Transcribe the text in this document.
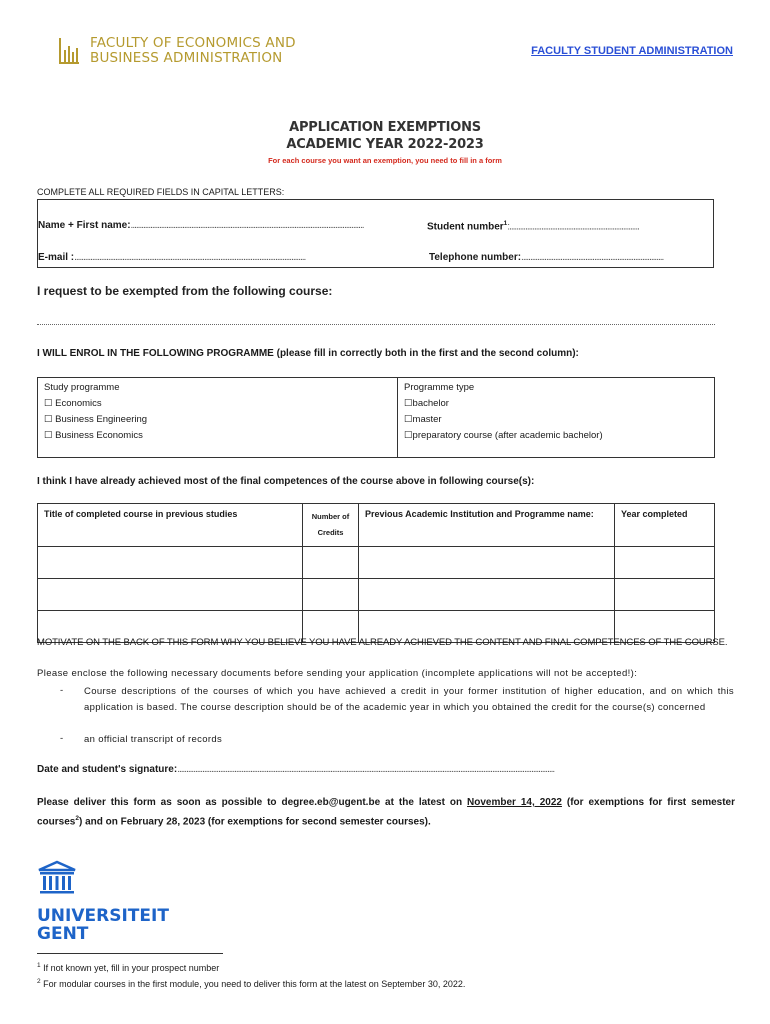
FACULTY OF ECONOMICS AND
BUSINESS ADMINISTRATION	FACULTY STUDENT ADMINISTRATION
APPLICATION EXEMPTIONS
ACADEMIC YEAR 2022-2023
For each course you want an exemption, you need to fill in a form
COMPLETE ALL REQUIRED FIELDS IN CAPITAL LETTERS:
Name + First name:...................................................................................................................................	Student number$^1$:.........................................................................
E-mail :..................................................................................................................................	Telephone number:................................................................................
I request to be exempted from the following course:
I WILL ENROL IN THE FOLLOWING PROGRAMME (please fill in correctly both in the first and the second column):
Study programme
☐ Economics
☐ Business Engineering
☐ Business Economics

Programme type
☐bachelor
☐master
☐preparatory course (after academic bachelor)
I think I have already achieved most of the final competences of the course above in following course(s):
Title of completed course in previous studies	Number of
Credits	Previous Academic Institution and Programme name:	Year completed

MOTIVATE ON THE BACK OF THIS FORM WHY YOU BELIEVE YOU HAVE ALREADY ACHIEVED THE CONTENT AND FINAL COMPETENCES OF THE COURSE.
Please enclose the following necessary documents before sending your application (incomplete applications will not be accepted!):
- Course descriptions of the courses of which you have achieved a credit in your former institution of higher education, and on which this application is based. The course description should be of the academic year in which you obtained the credit for the course(s) concerned
- an official transcript of records
Date and student's signature:....................................................................................................................................................................................................................
Please deliver this form as soon as possible to degree.eb@ugent.be at the latest on November 14, 2022 (for exemptions for first semester courses$^2$) and on February 28, 2023 (for exemptions for second semester courses).
UNIVERSITEIT
GENT
$^1$ If not known yet, fill in your prospect number
$^2$ For modular courses in the first module, you need to deliver this form at the latest on September 30, 2022.
